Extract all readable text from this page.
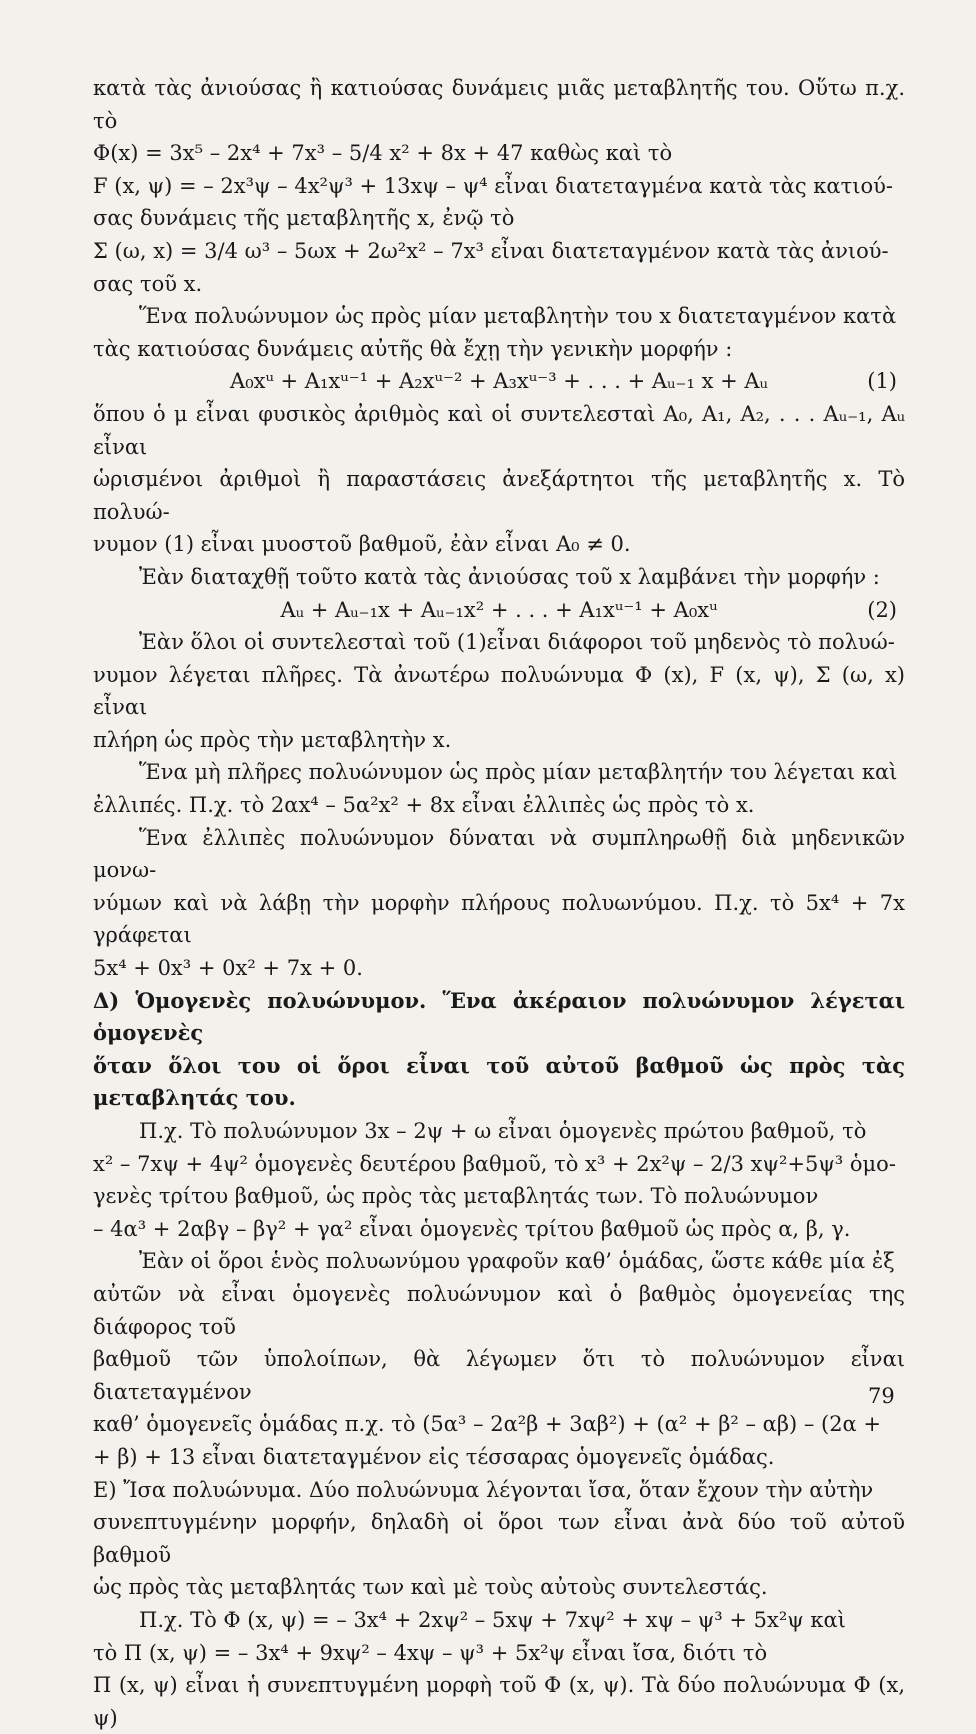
κατὰ τὰς ἀνιούσας ἢ κατιούσας δυνάμεις μιᾶς μεταβλητῆς του. Οὕτω π.χ. τὸ

Φ(x) = 3x⁵ – 2x⁴ + 7x³ – 5/4 x² + 8x + 47 καθὼς καὶ τὸ

F (x, ψ) = – 2x³ψ – 4x²ψ³ + 13xψ – ψ⁴ εἶναι διατεταγμένα κατὰ τὰς κατιού-

σας δυνάμεις τῆς μεταβλητῆς x, ἐνῷ τὸ

Σ (ω, x) = 3/4 ω³ – 5ωx + 2ω²x² – 7x³ εἶναι διατεταγμένον κατὰ τὰς ἀνιού-

σας τοῦ x.

Ἕνα πολυώνυμον ὡς πρὸς μίαν μεταβλητὴν του x διατεταγμένον κατὰ

τὰς κατιούσας δυνάμεις αὐτῆς θὰ ἔχῃ τὴν γενικὴν μορφήν :

A₀xᵘ + A₁xᵘ⁻¹ + A₂xᵘ⁻² + A₃xᵘ⁻³ + . . . + Aᵤ₋₁ x + Aᵤ	(1)

ὅπου ὁ μ εἶναι φυσικὸς ἀριθμὸς καὶ οἱ συντελεσταὶ A₀, A₁, A₂, . . . Aᵤ₋₁, Aᵤ εἶναι

ὡρισμένοι ἀριθμοὶ ἢ παραστάσεις ἀνεξάρτητοι τῆς μεταβλητῆς x. Τὸ πολυώ-

νυμον (1) εἶναι μυοστοῦ βαθμοῦ, ἐὰν εἶναι A₀ ≠ 0.

Ἐὰν διαταχθῇ τοῦτο κατὰ τὰς ἀνιούσας τοῦ x λαμβάνει τὴν μορφήν :

Aᵤ + Aᵤ₋₁x + Aᵤ₋₁x² + . . . + A₁xᵘ⁻¹ + A₀xᵘ	(2)

Ἐὰν ὅλοι οἱ συντελεσταὶ τοῦ (1)εἶναι διάφοροι τοῦ μηδενὸς τὸ πολυώ-

νυμον λέγεται πλῆρες. Τὰ ἀνωτέρω πολυώνυμα Φ (x), F (x, ψ), Σ (ω, x) εἶναι

πλήρη ὡς πρὸς τὴν μεταβλητὴν x.

Ἕνα μὴ πλῆρες πολυώνυμον ὡς πρὸς μίαν μεταβλητήν του λέγεται καὶ

ἐλλιπές. Π.χ. τὸ 2αx⁴ – 5α²x² + 8x εἶναι ἐλλιπὲς ὡς πρὸς τὸ x.

Ἕνα ἐλλιπὲς πολυώνυμον δύναται νὰ συμπληρωθῇ διὰ μηδενικῶν μονω-

νύμων καὶ νὰ λάβῃ τὴν μορφὴν πλήρους πολυωνύμου. Π.χ. τὸ 5x⁴ + 7x γράφεται

5x⁴ + 0x³ + 0x² + 7x + 0.

Δ) Ὁμογενὲς πολυώνυμον. Ἕνα ἀκέραιον πολυώνυμον λέγεται ὁμογενὲς

ὅταν ὅλοι του οἱ ὅροι εἶναι τοῦ αὐτοῦ βαθμοῦ ὡς πρὸς τὰς μεταβλητάς του.

Π.χ. Τὸ πολυώνυμον 3x – 2ψ + ω εἶναι ὁμογενὲς πρώτου βαθμοῦ, τὸ

x² – 7xψ + 4ψ² ὁμογενὲς δευτέρου βαθμοῦ, τὸ x³ + 2x²ψ – 2/3 xψ²+5ψ³ ὁμο-

γενὲς τρίτου βαθμοῦ, ὡς πρὸς τὰς μεταβλητάς των. Τὸ πολυώνυμον

– 4α³ + 2αβγ – βγ² + γα² εἶναι ὁμογενὲς τρίτου βαθμοῦ ὡς πρὸς α, β, γ.

Ἐὰν οἱ ὅροι ἑνὸς πολυωνύμου γραφοῦν καθ’ ὁμάδας, ὥστε κάθε μία ἐξ

αὐτῶν νὰ εἶναι ὁμογενὲς πολυώνυμον καὶ ὁ βαθμὸς ὁμογενείας της διάφορος τοῦ

βαθμοῦ τῶν ὑπολοίπων, θὰ λέγωμεν ὅτι τὸ πολυώνυμον εἶναι διατεταγμένον

καθ’ ὁμογενεῖς ὁμάδας π.χ. τὸ (5α³ – 2α²β + 3αβ²) + (α² + β² – αβ) – (2α +

+ β) + 13 εἶναι διατεταγμένον εἰς τέσσαρας ὁμογενεῖς ὁμάδας.

Ε) Ἴσα πολυώνυμα. Δύο πολυώνυμα λέγονται ἴσα, ὅταν ἔχουν τὴν αὐτὴν

συνεπτυγμένην μορφήν, δηλαδὴ οἱ ὅροι των εἶναι ἀνὰ δύο τοῦ αὐτοῦ βαθμοῦ

ὡς πρὸς τὰς μεταβλητάς των καὶ μὲ τοὺς αὐτοὺς συντελεστάς.

Π.χ. Τὸ Φ (x, ψ) = – 3x⁴ + 2xψ² – 5xψ + 7xψ² + xψ – ψ³ + 5x²ψ καὶ

τὸ Π (x, ψ) = – 3x⁴ + 9xψ² – 4xψ – ψ³ + 5x²ψ εἶναι ἴσα, διότι τὸ

Π (x, ψ) εἶναι ἡ συνεπτυγμένη μορφὴ τοῦ Φ (x, ψ). Τὰ δύο πολυώνυμα Φ (x, ψ)

79
